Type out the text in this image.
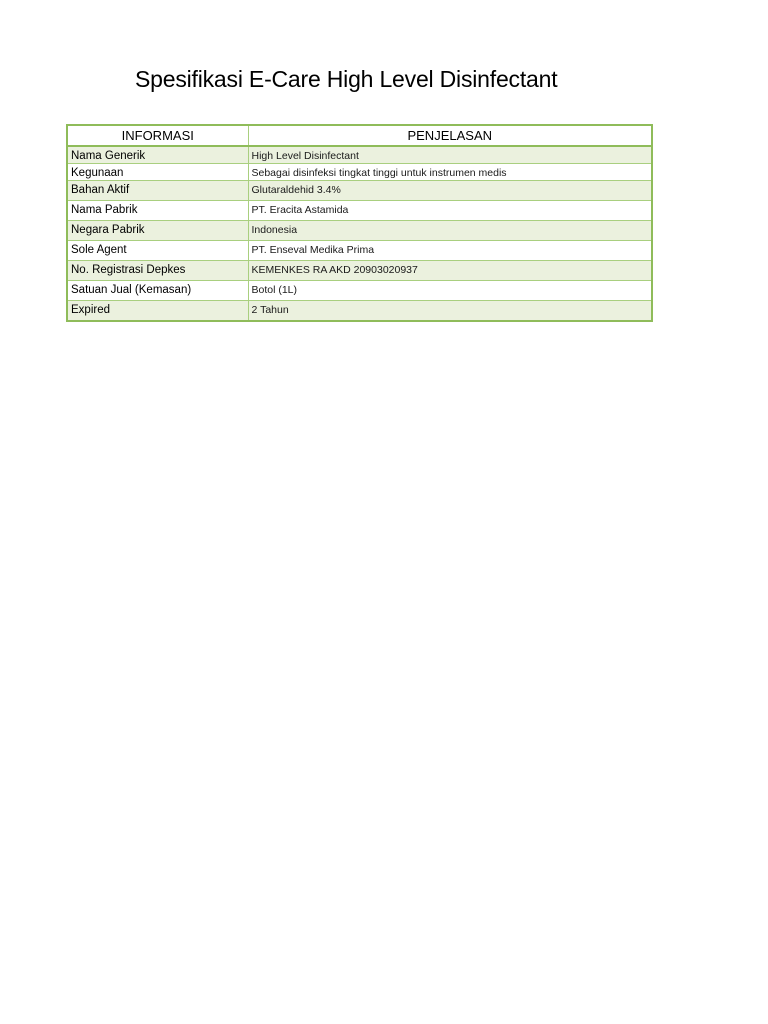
Spesifikasi E-Care High Level Disinfectant
INFORMASI	PENJELASAN
Nama Generik	High Level Disinfectant
Kegunaan	Sebagai disinfeksi tingkat tinggi untuk instrumen medis
Bahan Aktif	Glutaraldehid 3.4%
Nama Pabrik	PT. Eracita Astamida
Negara Pabrik	Indonesia
Sole Agent	PT. Enseval Medika Prima
No. Registrasi Depkes	KEMENKES RA AKD 20903020937
Satuan Jual (Kemasan)	Botol (1L)
Expired	2 Tahun
